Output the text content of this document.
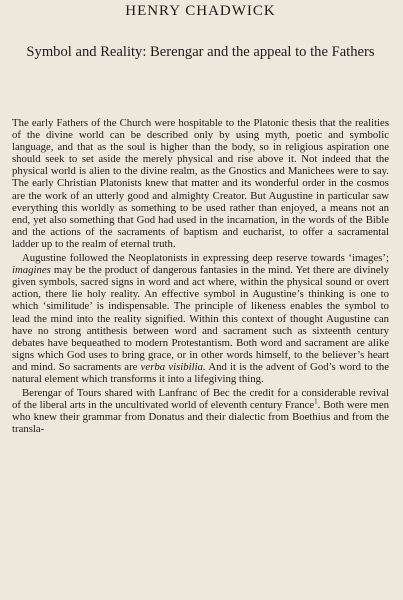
HENRY CHADWICK
Symbol and Reality: Berengar and the appeal to the Fathers

The early Fathers of the Church were hospitable to the Platonic thesis that the realities of the divine world can be described only by using myth, poetic and symbolic language, and that as the soul is higher than the body, so in religious aspiration one should seek to set aside the merely physical and rise above it. Not indeed that the physical world is alien to the divine realm, as the Gnostics and Manichees were to say. The early Christian Platonists knew that matter and its wonderful order in the cosmos are the work of an utterly good and almighty Creator. But Augustine in particular saw everything this worldly as something to be used rather than enjoyed, a means not an end, yet also something that God had used in the incarnation, in the words of the Bible and the actions of the sacraments of baptism and eucharist, to offer a sacramental ladder up to the realm of eternal truth.

Augustine followed the Neoplatonists in expressing deep reserve towards ‘images’; imagines may be the product of dangerous fantasies in the mind. Yet there are divinely given symbols, sacred signs in word and act where, within the physical sound or overt action, there lie holy reality. An effective symbol in Augustine’s thinking is one to which ‘similitude’ is indispensable. The principle of likeness enables the symbol to lead the mind into the reality signified. Within this context of thought Augustine can have no strong antithesis between word and sacrament such as sixteenth century debates have bequeathed to modern Protestantism. Both word and sacrament are alike signs which God uses to bring grace, or in other words himself, to the believer’s heart and mind. So sacraments are verba visibilia. And it is the advent of God’s word to the natural element which transforms it into a lifegiving thing.

Berengar of Tours shared with Lanfranc of Bec the credit for a considerable revival of the liberal arts in the uncultivated world of eleventh century France$^1$. Both were men who knew their grammar from Donatus and their dialectic from Boethius and from the transla-
